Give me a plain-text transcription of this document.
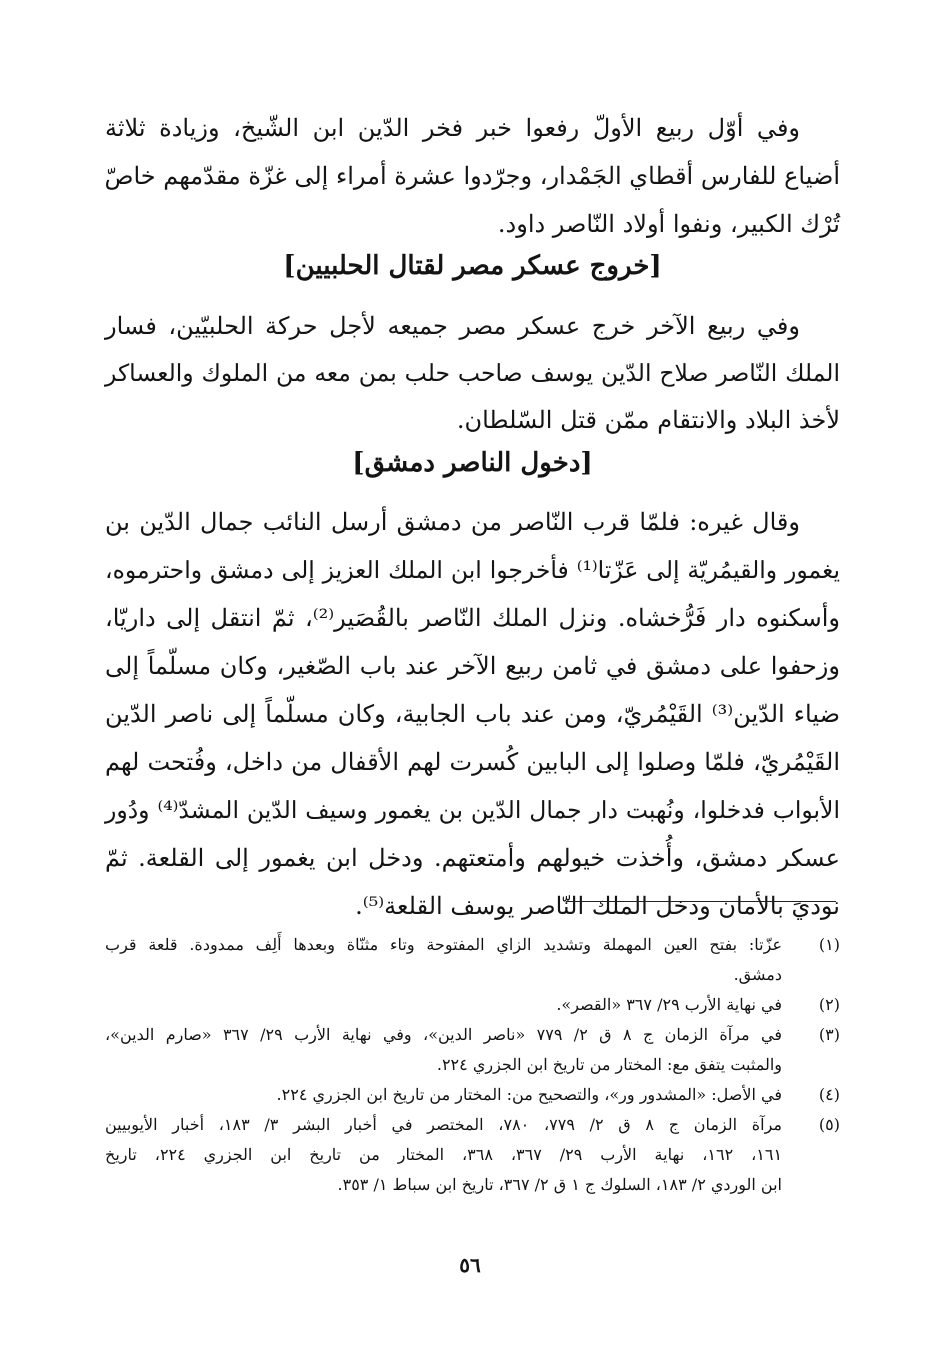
وفي أوّل ربيع الأولّ رفعوا خبر فخر الدّين ابن الشّيخ، وزيادة ثلاثة
أضياع للفارس أقطاي الجَمْدار، وجرّدوا عشرة أمراء إلى غزّة مقدّمهم خاصّ
تُرْك الكبير، ونفوا أولاد النّاصر داود.

[خروج عسكر مصر لقتال الحلبيين]

وفي ربيع الآخر خرج عسكر مصر جميعه لأجل حركة الحلبيّين، فسار
الملك النّاصر صلاح الدّين يوسف صاحب حلب بمن معه من الملوك والعساكر
لأخذ البلاد والانتقام ممّن قتل السّلطان.

[دخول الناصر دمشق]

وقال غيره: فلمّا قرب النّاصر من دمشق أرسل النائب جمال الدّين بن
يغمور والقيمُريّة إلى عَزّتا⁽¹⁾ فأخرجوا ابن الملك العزيز إلى دمشق واحترموه،
وأسكنوه دار فَرُّخشاه. ونزل الملك النّاصر بالقُصَير⁽²⁾، ثمّ انتقل إلى داريّا،
وزحفوا على دمشق في ثامن ربيع الآخر عند باب الصّغير، وكان مسلّماً إلى
ضياء الدّين⁽³⁾ القَيْمُريّ، ومن عند باب الجابية، وكان مسلّماً إلى ناصر الدّين
القَيْمُريّ، فلمّا وصلوا إلى البابين كُسرت لهم الأقفال من داخل، وفُتحت لهم
الأبواب فدخلوا، ونُهبت دار جمال الدّين بن يغمور وسيف الدّين المشدّ⁽⁴⁾ ودُور
عسكر دمشق، وأُخذت خيولهم وأمتعتهم. ودخل ابن يغمور إلى القلعة. ثمّ
نوديَ بالأمان ودخل الملك النّاصر يوسف القلعة⁽⁵⁾.

(١)
عزّتا: بفتح العين المهملة وتشديد الزاي المفتوحة وتاء مثنّاة وبعدها أَلِف ممدودة. قلعة قرب
دمشق.
(٢)
في نهاية الأرب ٢٩/ ٣٦٧ «القصر».
(٣)
في مرآة الزمان ج ٨ ق ٢/ ٧٧٩ «ناصر الدين»، وفي نهاية الأرب ٢٩/ ٣٦٧ «صارم الدين»،
والمثبت يتفق مع: المختار من تاريخ ابن الجزري ٢٢٤.
(٤)
في الأصل: «المشدور ور»، والتصحيح من: المختار من تاريخ ابن الجزري ٢٢٤.
(٥)
مرآة الزمان ج ٨ ق ٢/ ٧٧٩، ٧٨٠، المختصر في أخبار البشر ٣/ ١٨٣، أخبار الأيوبيين
١٦١، ١٦٢، نهاية الأرب ٢٩/ ٣٦٧، ٣٦٨، المختار من تاريخ ابن الجزري ٢٢٤، تاريخ
ابن الوردي ٢/ ١٨٣، السلوك ج ١ ق ٢/ ٣٦٧، تاريخ ابن سباط ١/ ٣٥٣.
٥٦
